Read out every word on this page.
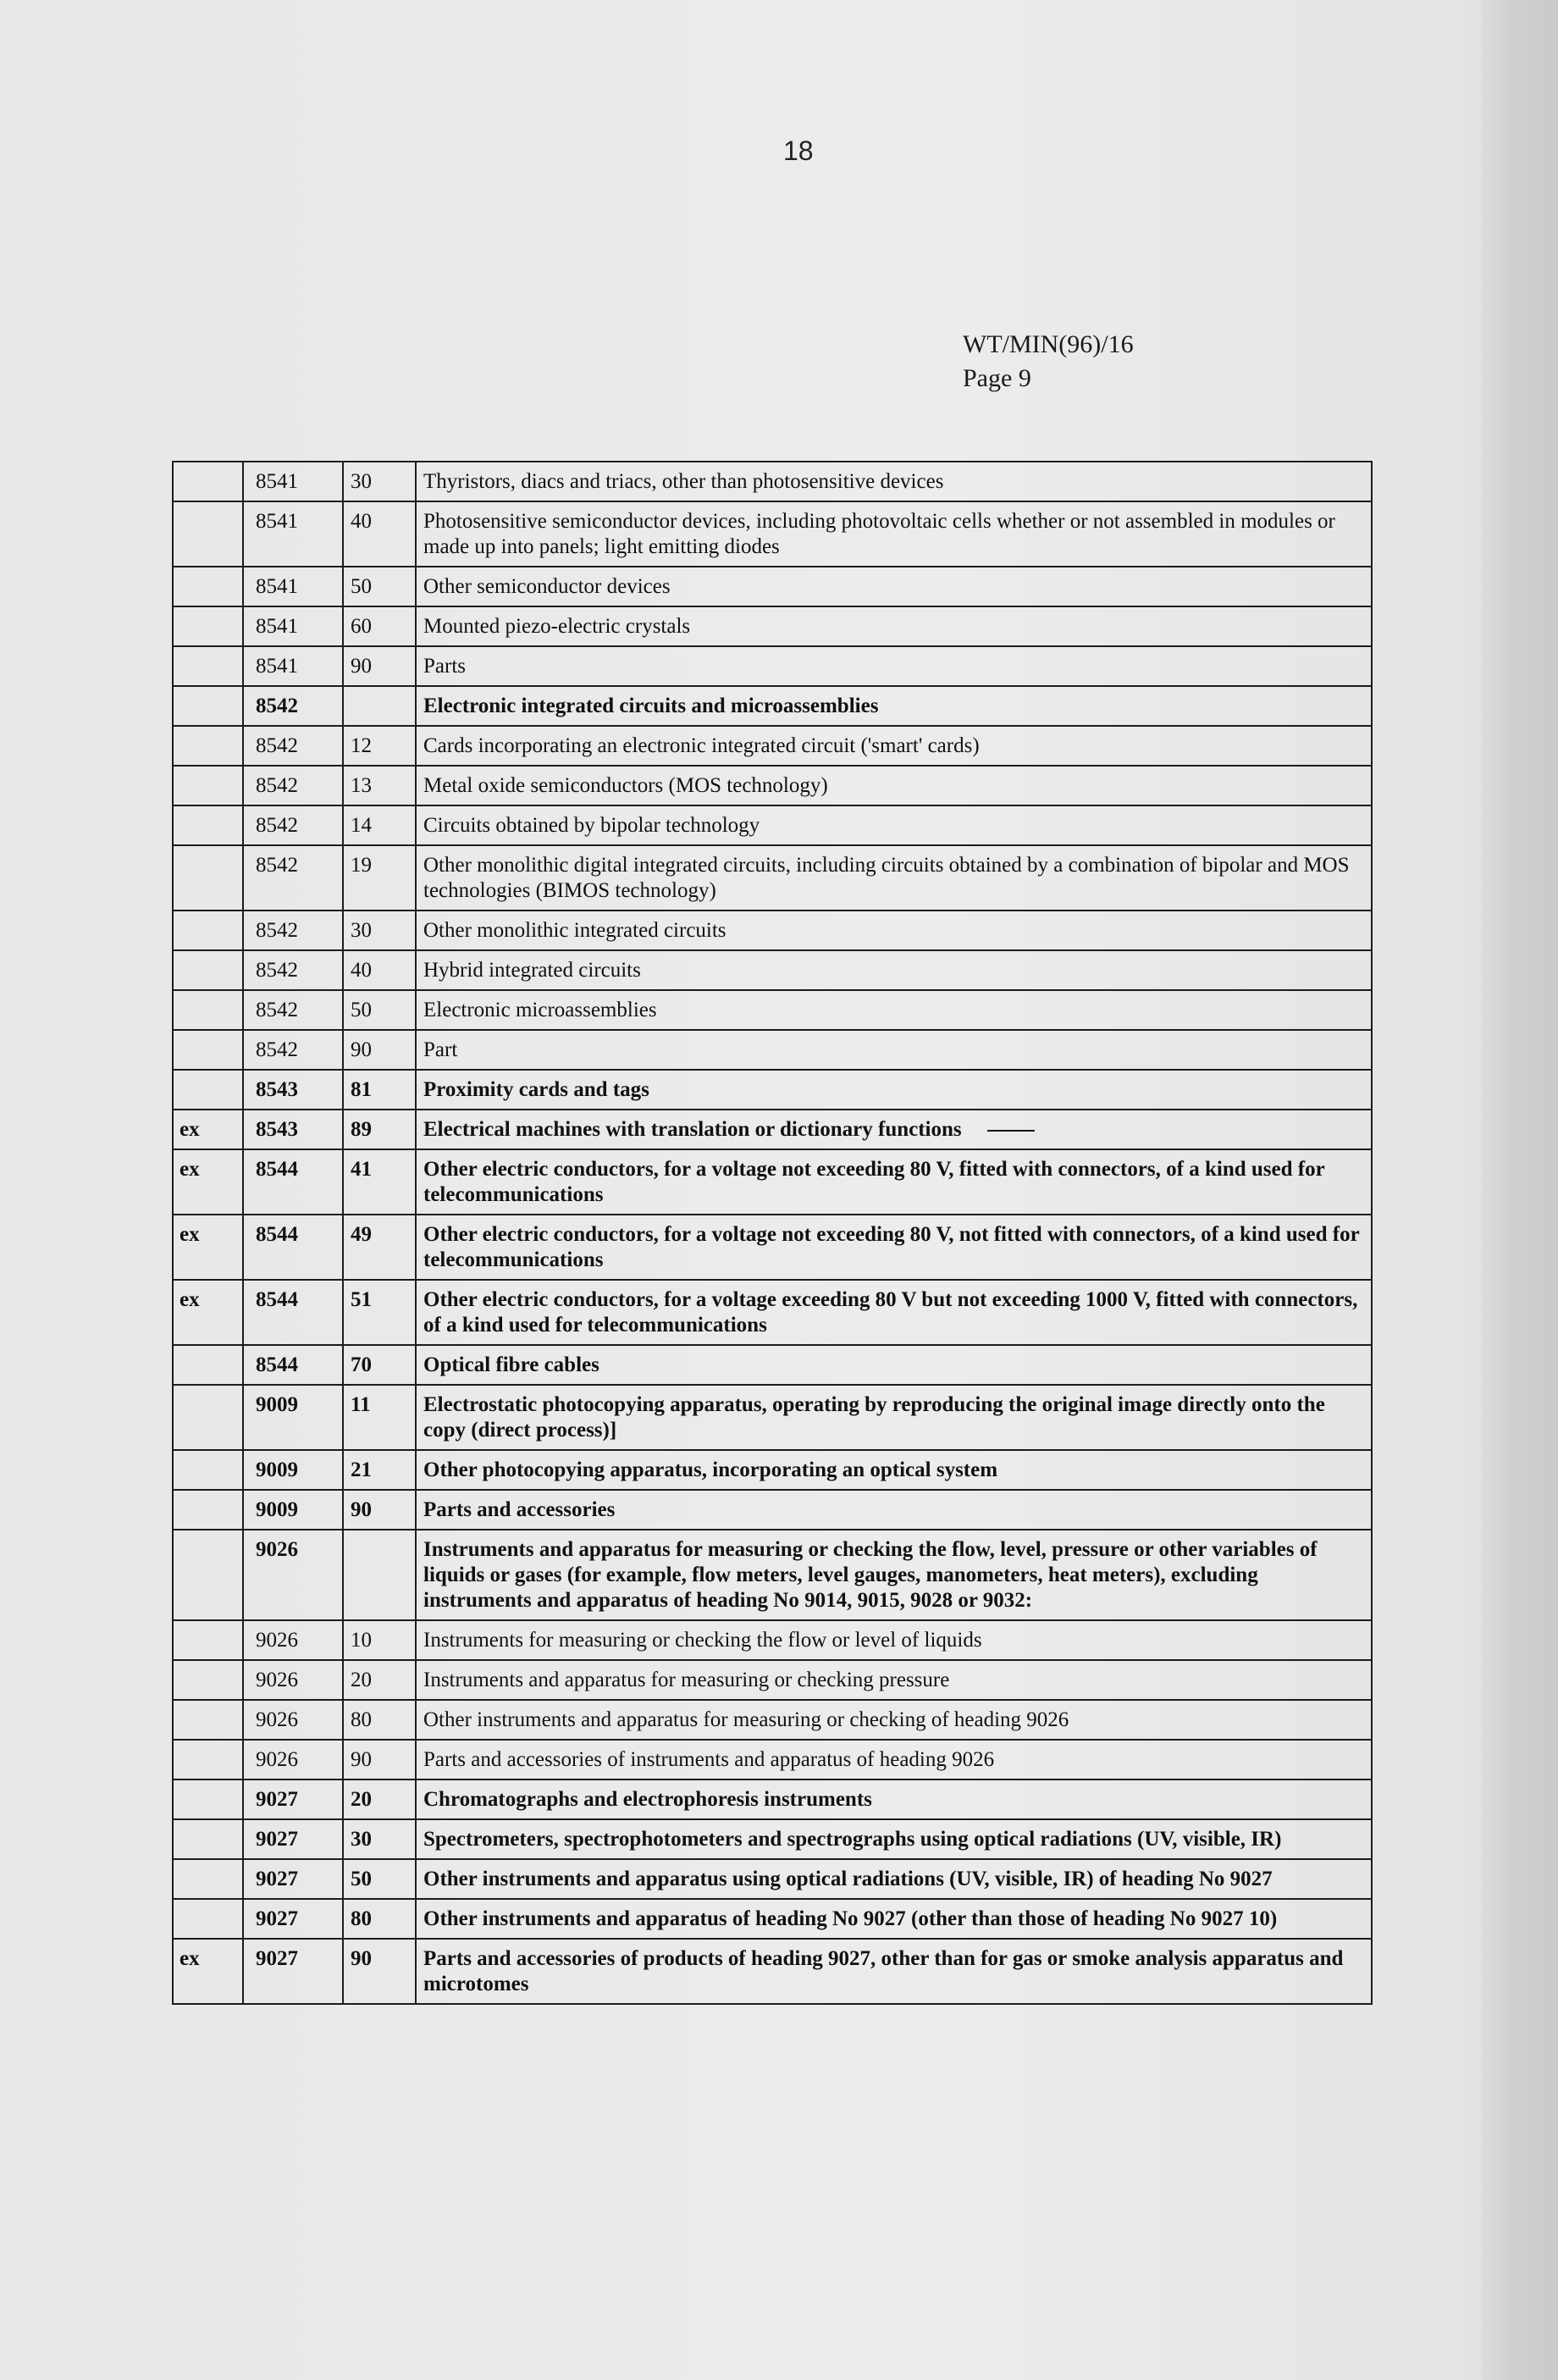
18
WT/MIN(96)/16
Page 9
	8541	30	Thyristors, diacs and triacs, other than photosensitive devices
	8541	40	Photosensitive semiconductor devices, including photovoltaic cells whether or not assembled in modules or made up into panels; light emitting diodes
	8541	50	Other semiconductor devices
	8541	60	Mounted piezo-electric crystals
	8541	90	Parts
	8542		Electronic integrated circuits and microassemblies
	8542	12	Cards incorporating an electronic integrated circuit ('smart' cards)
	8542	13	Metal oxide semiconductors (MOS technology)
	8542	14	Circuits obtained by bipolar technology
	8542	19	Other monolithic digital integrated circuits, including circuits obtained by a combination of bipolar and MOS technologies (BIMOS technology)
	8542	30	Other monolithic integrated circuits
	8542	40	Hybrid integrated circuits
	8542	50	Electronic microassemblies
	8542	90	Part
	8543	81	Proximity cards and tags
ex	8543	89	Electrical machines with translation or dictionary functions
ex	8544	41	Other electric conductors, for a voltage not exceeding 80 V, fitted with connectors, of a kind used for telecommunications
ex	8544	49	Other electric conductors, for a voltage not exceeding 80 V, not fitted with connectors, of a kind used for telecommunications
ex	8544	51	Other electric conductors, for a voltage exceeding 80 V but not exceeding 1000 V, fitted with connectors, of a kind used for telecommunications
	8544	70	Optical fibre cables
	9009	11	Electrostatic photocopying apparatus, operating by reproducing the original image directly onto the copy (direct process)]
	9009	21	Other photocopying apparatus, incorporating an optical system
	9009	90	Parts and accessories
	9026		Instruments and apparatus for measuring or checking the flow, level, pressure or other variables of liquids or gases (for example, flow meters, level gauges, manometers, heat meters), excluding instruments and apparatus of heading No 9014, 9015, 9028 or 9032:
	9026	10	Instruments for measuring or checking the flow or level of liquids
	9026	20	Instruments and apparatus for measuring or checking pressure
	9026	80	Other instruments and apparatus for measuring or checking of heading 9026
	9026	90	Parts and accessories of instruments and apparatus of heading 9026
	9027	20	Chromatographs and electrophoresis instruments
	9027	30	Spectrometers, spectrophotometers and spectrographs using optical radiations (UV, visible, IR)
	9027	50	Other instruments and apparatus using optical radiations (UV, visible, IR) of heading No 9027
	9027	80	Other instruments and apparatus of heading No 9027 (other than those of heading No 9027 10)
ex	9027	90	Parts and accessories of products of heading 9027, other than for gas or smoke analysis apparatus and microtomes
